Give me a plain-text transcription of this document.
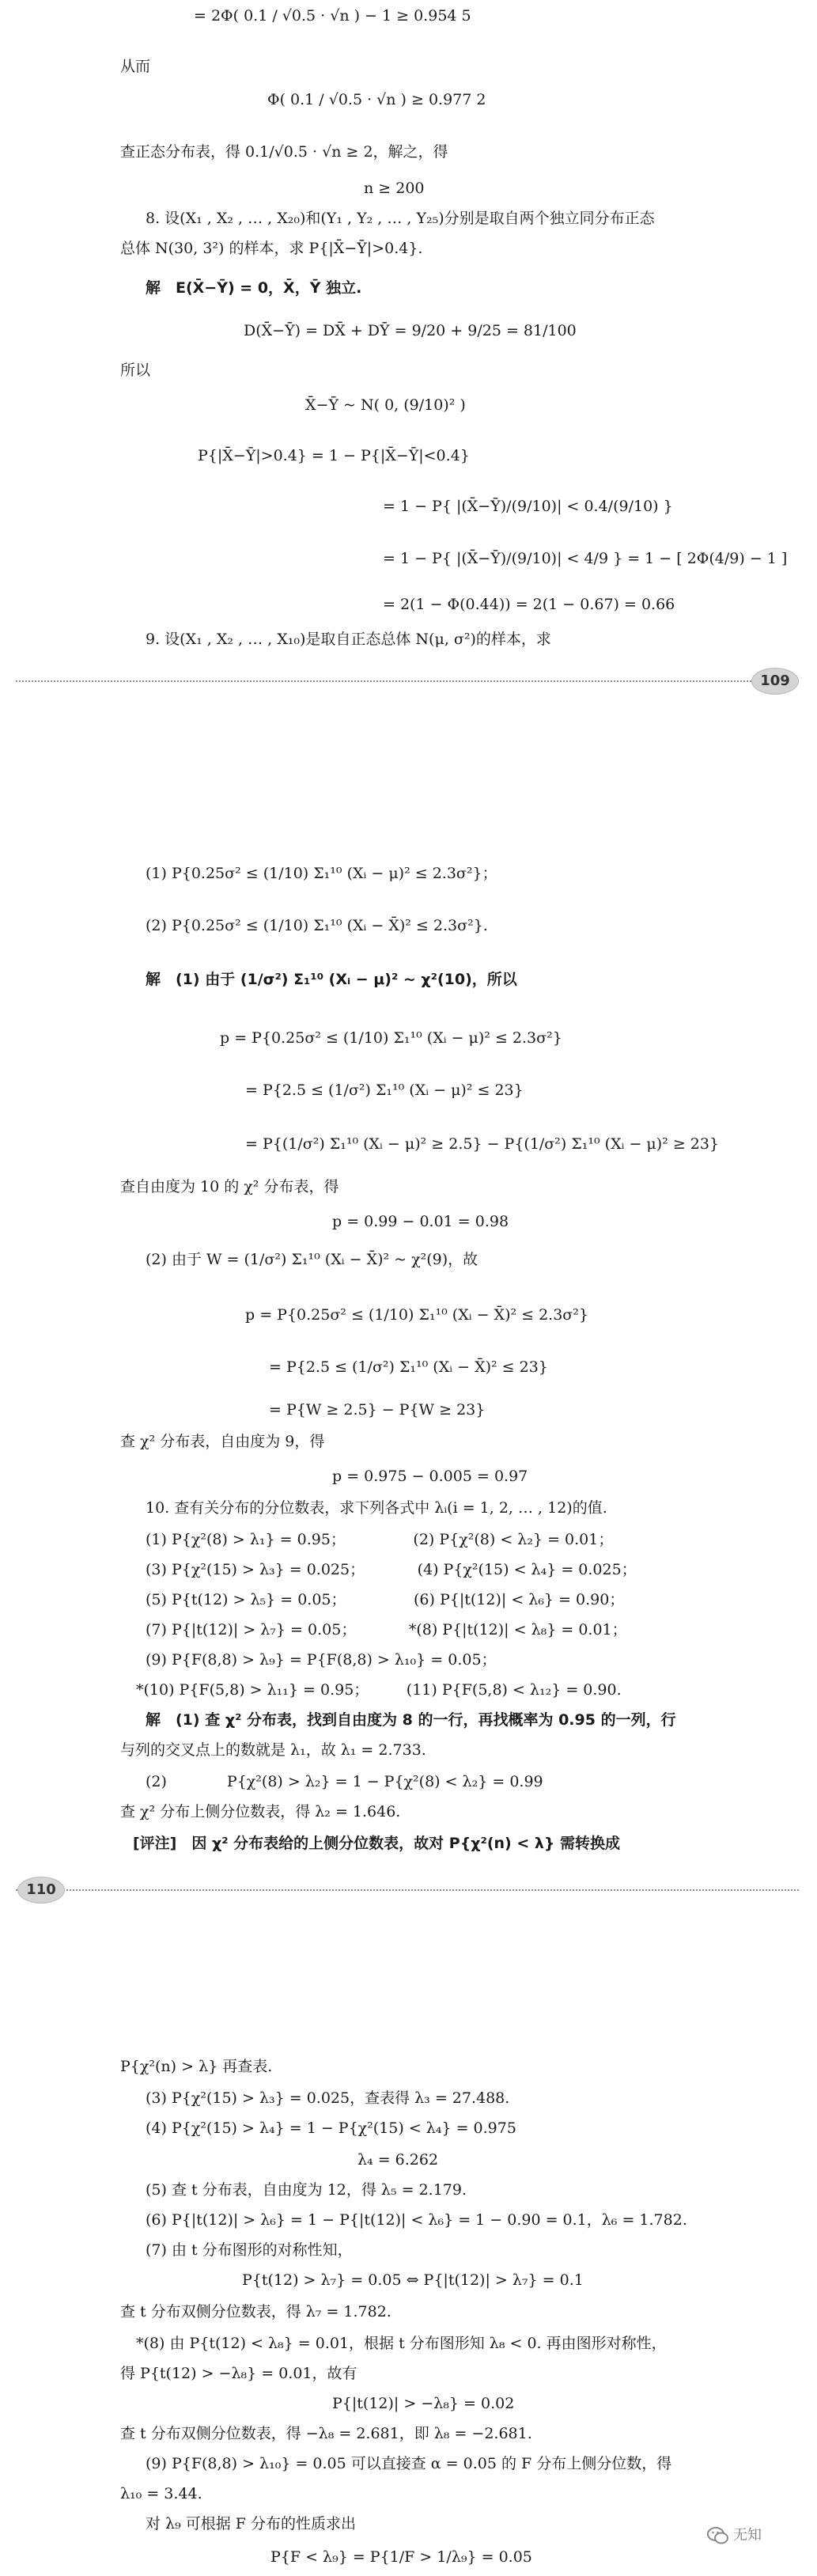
= 2Φ( 0.1 / √0.5 · √n ) − 1 ≥ 0.954 5
从而
Φ( 0.1 / √0.5 · √n ) ≥ 0.977 2
查正态分布表，得 0.1/√0.5 · √n ≥ 2，解之，得
n ≥ 200
8. 设(X₁ , X₂ , … , X₂₀)和(Y₁ , Y₂ , … , Y₂₅)分别是取自两个独立同分布正态
总体 N(30, 3²) 的样本，求 P{|X̄−Ȳ|>0.4}.
解　E(X̄−Ȳ) = 0，X̄，Ȳ 独立.
D(X̄−Ȳ) = DX̄ + DȲ = 9/20 + 9/25 = 81/100
所以
X̄−Ȳ ~ N( 0, (9/10)² )
P{|X̄−Ȳ|>0.4} = 1 − P{|X̄−Ȳ|<0.4}
= 1 − P{ |(X̄−Ȳ)/(9/10)| < 0.4/(9/10) }
= 1 − P{ |(X̄−Ȳ)/(9/10)| < 4/9 } = 1 − [ 2Φ(4/9) − 1 ]
= 2(1 − Φ(0.44)) = 2(1 − 0.67) = 0.66
9. 设(X₁ , X₂ , … , X₁₀)是取自正态总体 N(μ, σ²)的样本，求
109
(1) P{0.25σ² ≤ (1/10) Σ₁¹⁰ (Xᵢ − μ)² ≤ 2.3σ²}；
(2) P{0.25σ² ≤ (1/10) Σ₁¹⁰ (Xᵢ − X̄)² ≤ 2.3σ²}.
解　(1) 由于 (1/σ²) Σ₁¹⁰ (Xᵢ − μ)² ~ χ²(10)，所以
p = P{0.25σ² ≤ (1/10) Σ₁¹⁰ (Xᵢ − μ)² ≤ 2.3σ²}
= P{2.5 ≤ (1/σ²) Σ₁¹⁰ (Xᵢ − μ)² ≤ 23}
= P{(1/σ²) Σ₁¹⁰ (Xᵢ − μ)² ≥ 2.5} − P{(1/σ²) Σ₁¹⁰ (Xᵢ − μ)² ≥ 23}
查自由度为 10 的 χ² 分布表，得
p = 0.99 − 0.01 = 0.98
(2) 由于 W = (1/σ²) Σ₁¹⁰ (Xᵢ − X̄)² ~ χ²(9)，故
p = P{0.25σ² ≤ (1/10) Σ₁¹⁰ (Xᵢ − X̄)² ≤ 2.3σ²}
= P{2.5 ≤ (1/σ²) Σ₁¹⁰ (Xᵢ − X̄)² ≤ 23}
= P{W ≥ 2.5} − P{W ≥ 23}
查 χ² 分布表，自由度为 9，得
p = 0.975 − 0.005 = 0.97
10. 查有关分布的分位数表，求下列各式中 λᵢ(i = 1, 2, … , 12)的值.
(1) P{χ²(8) > λ₁} = 0.95；　　　　　(2) P{χ²(8) < λ₂} = 0.01；
(3) P{χ²(15) > λ₃} = 0.025；　　　　(4) P{χ²(15) < λ₄} = 0.025；
(5) P{t(12) > λ₅} = 0.05；　　　　　(6) P{|t(12)| < λ₆} = 0.90；
(7) P{|t(12)| > λ₇} = 0.05；　　　　*(8) P{|t(12)| < λ₈} = 0.01；
(9) P{F(8,8) > λ₉} = P{F(8,8) > λ₁₀} = 0.05；
*(10) P{F(5,8) > λ₁₁} = 0.95；　　　(11) P{F(5,8) < λ₁₂} = 0.90.
解　(1) 查 χ² 分布表，找到自由度为 8 的一行，再找概率为 0.95 的一列，行
与列的交叉点上的数就是 λ₁，故 λ₁ = 2.733.
(2)　　　　P{χ²(8) > λ₂} = 1 − P{χ²(8) < λ₂} = 0.99
查 χ² 分布上侧分位数表，得 λ₂ = 1.646.
[评注]　因 χ² 分布表给的上侧分位数表，故对 P{χ²(n) < λ} 需转换成
110
P{χ²(n) > λ} 再查表.
(3) P{χ²(15) > λ₃} = 0.025，查表得 λ₃ = 27.488.
(4) P{χ²(15) > λ₄} = 1 − P{χ²(15) < λ₄} = 0.975
λ₄ = 6.262
(5) 查 t 分布表，自由度为 12，得 λ₅ = 2.179.
(6) P{|t(12)| > λ₆} = 1 − P{|t(12)| < λ₆} = 1 − 0.90 = 0.1，λ₆ = 1.782.
(7) 由 t 分布图形的对称性知，
P{t(12) > λ₇} = 0.05 ⇔ P{|t(12)| > λ₇} = 0.1
查 t 分布双侧分位数表，得 λ₇ = 1.782.
*(8) 由 P{t(12) < λ₈} = 0.01，根据 t 分布图形知 λ₈ < 0. 再由图形对称性，
得 P{t(12) > −λ₈} = 0.01，故有
P{|t(12)| > −λ₈} = 0.02
查 t 分布双侧分位数表，得 −λ₈ = 2.681，即 λ₈ = −2.681.
(9) P{F(8,8) > λ₁₀} = 0.05 可以直接查 α = 0.05 的 F 分布上侧分位数，得
λ₁₀ = 3.44.
对 λ₉ 可根据 F 分布的性质求出
P{F < λ₉} = P{1/F > 1/λ₉} = 0.05
无知
